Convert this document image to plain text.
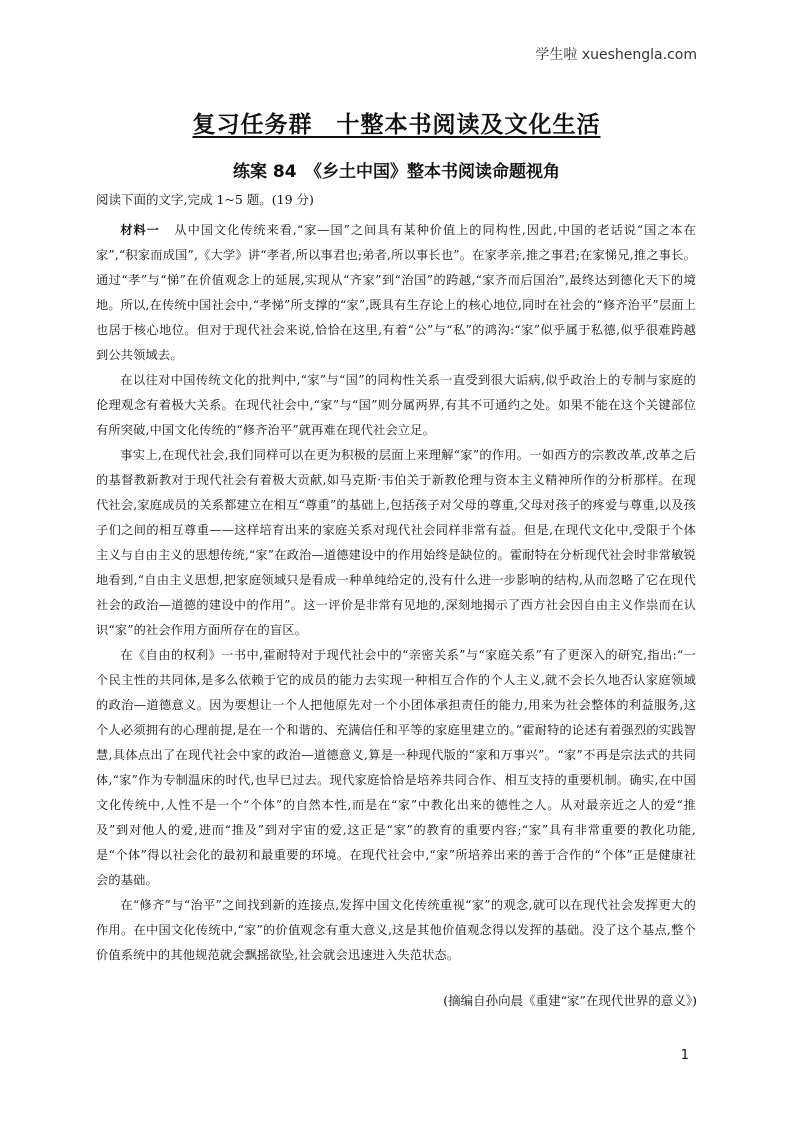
学生啦 xueshengla.com
复习任务群　十整本书阅读及文化生活
练案 84　《乡土中国》整本书阅读命题视角
阅读下面的文字,完成 1~5 题。(19 分)

材料一 从中国文化传统来看,“家—国”之间具有某种价值上的同构性,因此,中国的老话说“国之本在家”,“积家而成国”,《大学》讲“孝者,所以事君也;弟者,所以事长也”。在家孝亲,推之事君;在家悌兄,推之事长。通过“孝”与“悌”在价值观念上的延展,实现从“齐家”到“治国”的跨越,“家齐而后国治”,最终达到德化天下的境地。所以,在传统中国社会中,“孝悌”所支撑的“家”,既具有生存论上的核心地位,同时在社会的“修齐治平”层面上也居于核心地位。但对于现代社会来说,恰恰在这里,有着“公”与“私”的鸿沟:“家”似乎属于私德,似乎很难跨越到公共领域去。

在以往对中国传统文化的批判中,“家”与“国”的同构性关系一直受到很大诟病,似乎政治上的专制与家庭的伦理观念有着极大关系。在现代社会中,“家”与“国”则分属两界,有其不可通约之处。如果不能在这个关键部位有所突破,中国文化传统的“修齐治平”就再难在现代社会立足。

事实上,在现代社会,我们同样可以在更为积极的层面上来理解“家”的作用。一如西方的宗教改革,改革之后的基督教新教对于现代社会有着极大贡献,如马克斯·韦伯关于新教伦理与资本主义精神所作的分析那样。在现代社会,家庭成员的关系都建立在相互“尊重”的基础上,包括孩子对父母的尊重,父母对孩子的疼爱与尊重,以及孩子们之间的相互尊重——这样培育出来的家庭关系对现代社会同样非常有益。但是,在现代文化中,受限于个体主义与自由主义的思想传统,“家”在政治—道德建设中的作用始终是缺位的。霍耐特在分析现代社会时非常敏锐地看到,“自由主义思想,把家庭领域只是看成一种单纯给定的,没有什么进一步影响的结构,从而忽略了它在现代社会的政治—道德的建设中的作用”。这一评价是非常有见地的,深刻地揭示了西方社会因自由主义作祟而在认识“家”的社会作用方面所存在的盲区。

在《自由的权利》一书中,霍耐特对于现代社会中的“亲密关系”与“家庭关系”有了更深入的研究,指出:“一个民主性的共同体,是多么依赖于它的成员的能力去实现一种相互合作的个人主义,就不会长久地否认家庭领域的政治—道德意义。因为要想让一个人把他原先对一个小团体承担责任的能力,用来为社会整体的利益服务,这个人必须拥有的心理前提,是在一个和谐的、充满信任和平等的家庭里建立的。”霍耐特的论述有着强烈的实践智慧,具体点出了在现代社会中家的政治—道德意义,算是一种现代版的“家和万事兴”。“家”不再是宗法式的共同体,“家”作为专制温床的时代,也早已过去。现代家庭恰恰是培养共同合作、相互支持的重要机制。确实,在中国文化传统中,人性不是一个“个体”的自然本性,而是在“家”中教化出来的德性之人。从对最亲近之人的爱“推及”到对他人的爱,进而“推及”到对宇宙的爱,这正是“家”的教育的重要内容;“家”具有非常重要的教化功能,是“个体”得以社会化的最初和最重要的环境。在现代社会中,“家”所培养出来的善于合作的“个体”正是健康社会的基础。

在“修齐”与“治平”之间找到新的连接点,发挥中国文化传统重视“家”的观念,就可以在现代社会发挥更大的作用。在中国文化传统中,“家”的价值观念有重大意义,这是其他价值观念得以发挥的基础。没了这个基点,整个价值系统中的其他规范就会飘摇欲坠,社会就会迅速进入失范状态。

(摘编自孙向晨《重建“家”在现代世界的意义》)
1
